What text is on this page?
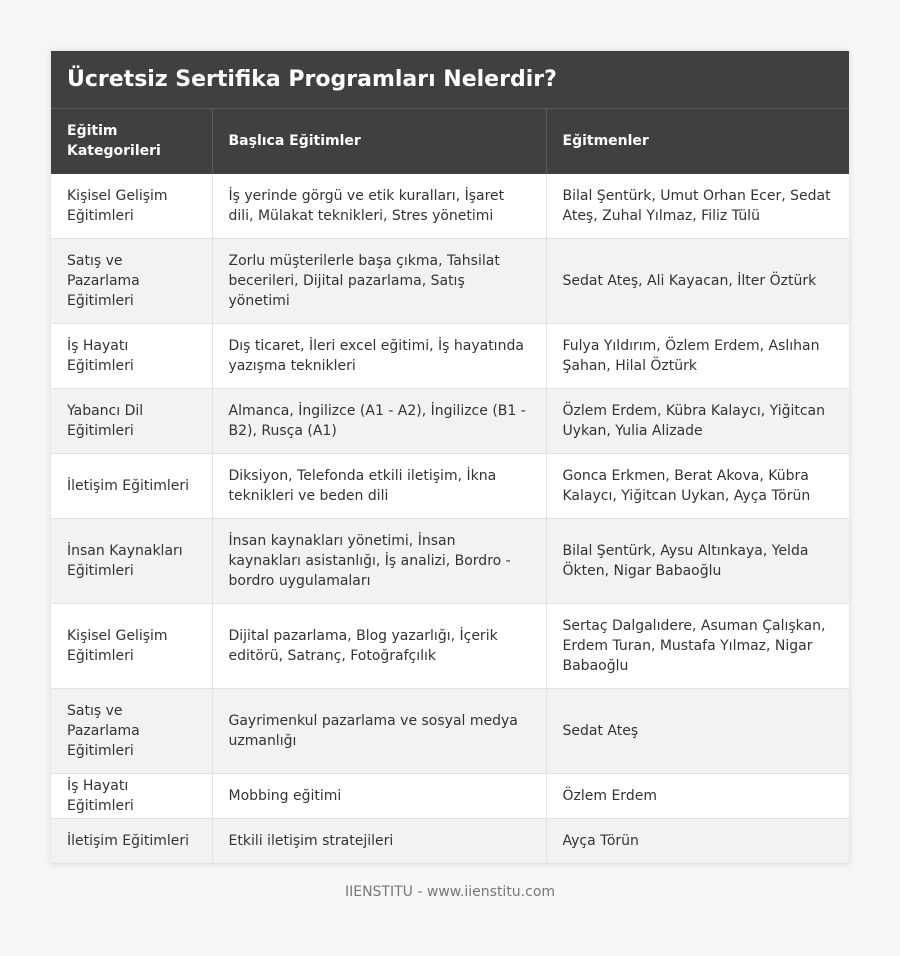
Ücretsiz Sertifika Programları Nelerdir?
Eğitim Kategorileri	Başlıca Eğitimler	Eğitmenler
Kişisel Gelişim Eğitimleri	İş yerinde görgü ve etik kuralları, İşaret dili, Mülakat teknikleri, Stres yönetimi	Bilal Şentürk, Umut Orhan Ecer, Sedat Ateş, Zuhal Yılmaz, Filiz Tülü
Satış ve Pazarlama Eğitimleri	Zorlu müşterilerle başa çıkma, Tahsilat becerileri, Dijital pazarlama, Satış yönetimi	Sedat Ateş, Ali Kayacan, İlter Öztürk
İş Hayatı Eğitimleri	Dış ticaret, İleri excel eğitimi, İş hayatında yazışma teknikleri	Fulya Yıldırım, Özlem Erdem, Aslıhan Şahan, Hilal Öztürk
Yabancı Dil Eğitimleri	Almanca, İngilizce (A1 - A2), İngilizce (B1 - B2), Rusça (A1)	Özlem Erdem, Kübra Kalaycı, Yiğitcan Uykan, Yulia Alizade
İletişim Eğitimleri	Diksiyon, Telefonda etkili iletişim, İkna teknikleri ve beden dili	Gonca Erkmen, Berat Akova, Kübra Kalaycı, Yiğitcan Uykan, Ayça Törün
İnsan Kaynakları Eğitimleri	İnsan kaynakları yönetimi, İnsan kaynakları asistanlığı, İş analizi, Bordro - bordro uygulamaları	Bilal Şentürk, Aysu Altınkaya, Yelda Ökten, Nigar Babaoğlu
Kişisel Gelişim Eğitimleri	Dijital pazarlama, Blog yazarlığı, İçerik editörü, Satranç, Fotoğrafçılık	Sertaç Dalgalıdere, Asuman Çalışkan, Erdem Turan, Mustafa Yılmaz, Nigar Babaoğlu
Satış ve Pazarlama Eğitimleri	Gayrimenkul pazarlama ve sosyal medya uzmanlığı	Sedat Ateş
İş Hayatı Eğitimleri	Mobbing eğitimi	Özlem Erdem
İletişim Eğitimleri	Etkili iletişim stratejileri	Ayça Törün
IIENSTITU - www.iienstitu.com
